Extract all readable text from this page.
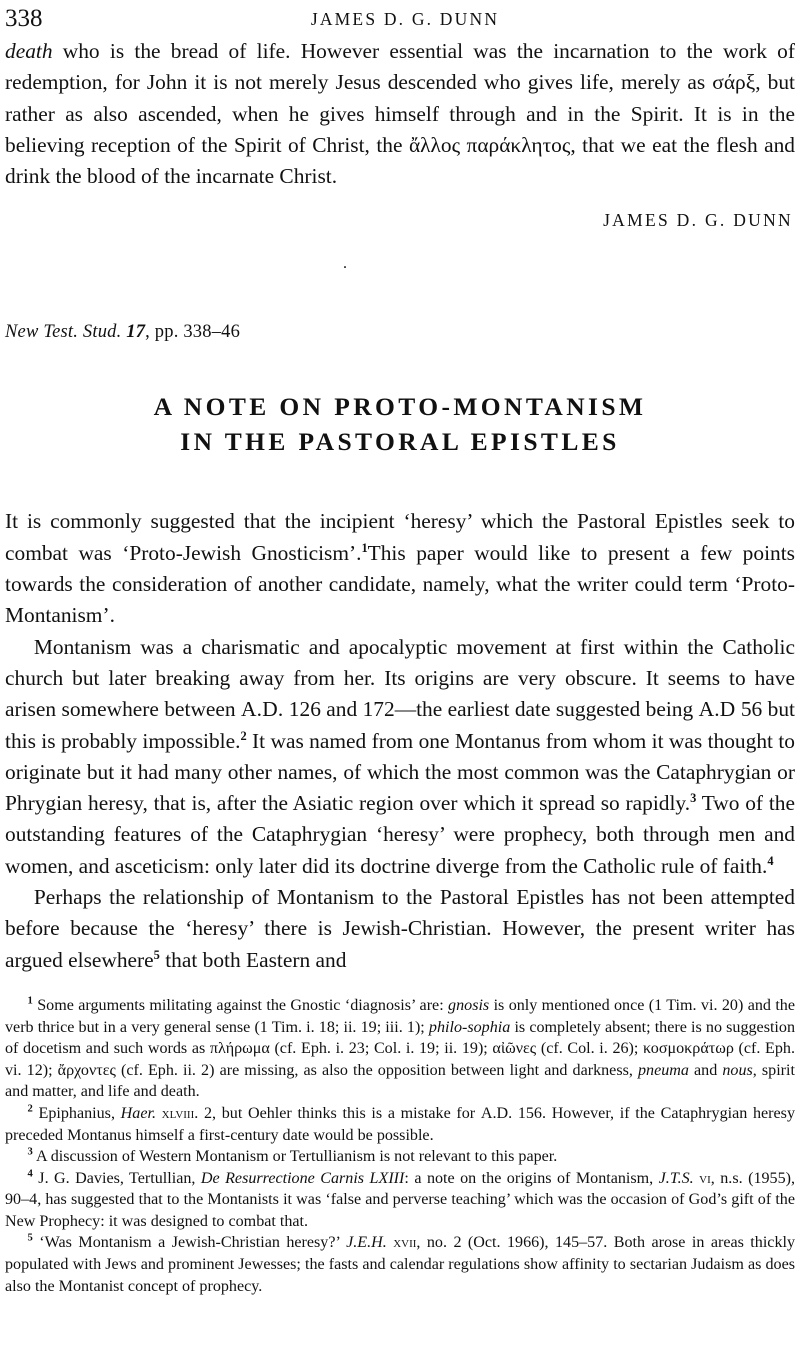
338	JAMES D. G. DUNN

death who is the bread of life. However essential was the incarnation to the work of redemption, for John it is not merely Jesus descended who gives life, merely as σάρξ, but rather as also ascended, when he gives himself through and in the Spirit. It is in the believing reception of the Spirit of Christ, the ἄλλος παράκλητος, that we eat the flesh and drink the blood of the incarnate Christ.

JAMES D. G. DUNN
.
New Test. Stud. 17, pp. 338–46
A NOTE ON PROTO-MONTANISM
IN THE PASTORAL EPISTLES

It is commonly suggested that the incipient ‘heresy’ which the Pastoral Epistles seek to combat was ‘Proto-Jewish Gnosticism’.$^1$This paper would like to present a few points towards the consideration of another candidate, namely, what the writer could term ‘Proto-Montanism’.

Montanism was a charismatic and apocalyptic movement at first within the Catholic church but later breaking away from her. Its origins are very obscure. It seems to have arisen somewhere between A.D. 126 and 172—the earliest date suggested being A.D 56 but this is probably impossible.$^2$ It was named from one Montanus from whom it was thought to originate but it had many other names, of which the most common was the Cataphrygian or Phrygian heresy, that is, after the Asiatic region over which it spread so rapidly.$^3$ Two of the outstanding features of the Cataphrygian ‘heresy’ were prophecy, both through men and women, and asceticism: only later did its doctrine diverge from the Catholic rule of faith.$^4$

Perhaps the relationship of Montanism to the Pastoral Epistles has not been attempted before because the ‘heresy’ there is Jewish-Christian. However, the present writer has argued elsewhere$^5$ that both Eastern and

$^1$ Some arguments militating against the Gnostic ‘diagnosis’ are: gnosis is only mentioned once (1 Tim. vi. 20) and the verb thrice but in a very general sense (1 Tim. i. 18; ii. 19; iii. 1); philo-sophia is completely absent; there is no suggestion of docetism and such words as πλήρωμα (cf. Eph. i. 23; Col. i. 19; ii. 19); αἰῶνες (cf. Col. i. 26); κοσμοκράτωρ (cf. Eph. vi. 12); ἄρχοντες (cf. Eph. ii. 2) are missing, as also the opposition between light and darkness, pneuma and nous, spirit and matter, and life and death.

$^2$ Epiphanius, Haer. xlviii. 2, but Oehler thinks this is a mistake for A.D. 156. However, if the Cataphrygian heresy preceded Montanus himself a first-century date would be possible.

$^3$ A discussion of Western Montanism or Tertullianism is not relevant to this paper.

$^4$ J. G. Davies, Tertullian, De Resurrectione Carnis LXIII: a note on the origins of Montanism, J.T.S. vi, n.s. (1955), 90–4, has suggested that to the Montanists it was ‘false and perverse teaching’ which was the occasion of God’s gift of the New Prophecy: it was designed to combat that.

$^5$ ‘Was Montanism a Jewish-Christian heresy?’ J.E.H. xvii, no. 2 (Oct. 1966), 145–57. Both arose in areas thickly populated with Jews and prominent Jewesses; the fasts and calendar regulations show affinity to sectarian Judaism as does also the Montanist concept of prophecy.
